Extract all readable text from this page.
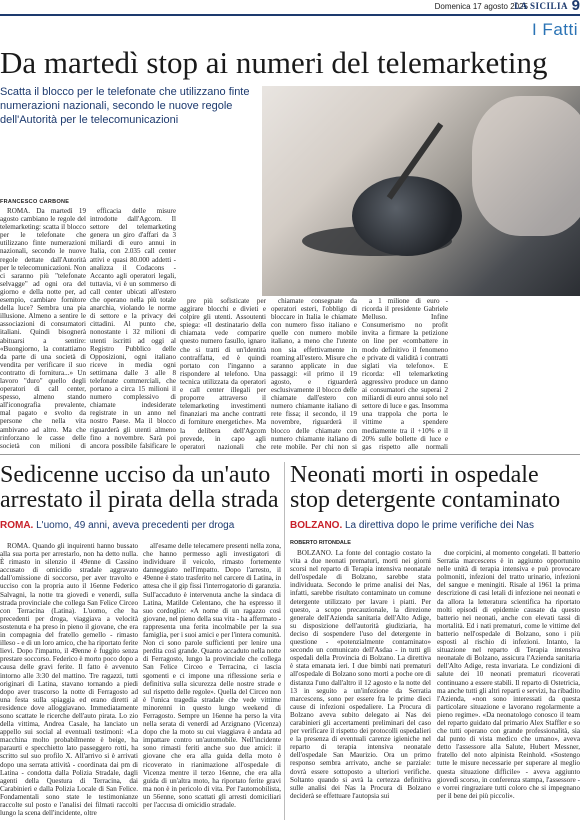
Domenica 17 agosto 2025
LA SICILIA 9
I Fatti
Da martedì stop ai numeri del telemarketing
Scatta il blocco per le telefonate che utilizzano finte numerazioni nazionali, secondo le nuove regole dell'Autorità per le telecomunicazioni
FRANCESCO CARBONE

ROMA. Da martedì 19 agosto cambiano le regole del telemarketing: scatta il blocco per le telefonate che utilizzano finte numerazioni nazionali, secondo le nuove regole dettate dall'Autorità per le telecomunicazioni. Non ci saranno più "telefonate selvagge" ad ogni ora del giorno e della notte per, ad esempio, cambiare fornitore della luce? Sembra una pia illusione. Almeno a sentire le associazioni di consumatori italiani. Quindi bisognerà abituarsi a sentire: «Buongiorno, la contattiamo da parte di una società di vendita per verificare il suo contratto di fornitura...» Un lavoro "duro" quello degli operatori di call center, spesso, almeno stando all'iconografia prevalente, mal pagato e svolto da persone che nella vita ambivano ad altro. Ma che rinforzano le casse delle società con milioni di

efficacia delle misure introdotte dall'Agcom. Il settore del telemarketing genera un giro d'affari da 3 miliardi di euro annui in Italia, con 2.035 call center attivi e quasi 80.000 addetti - analizza il Codacons - Accanto agli operatori legali, tuttavia, vi è un sommerso di call center ubicati all'estero che operano nella più totale anarchia, violando le norme di settore e la privacy dei cittadini. Al punto che, nonostante i 32 milioni di utenti iscritti ad oggi al Registro Pubblico delle Opposizioni, ogni italiano riceve in media ogni settimana dalle 3 alle 8 telefonate commerciali, che portano a circa 15 milioni il numero complessivo di chiamate indesiderate registrate in un anno nel nostro Paese. Ma il blocco riguarderà gli utenti almeno fino a novembre. Sarà poi ancora possibile falsificare le

pre più sofisticate per aggirare blocchi e divieti e colpire gli utenti. Assoutenti spiega: «Il destinatario della chiamata vede comparire questo numero fasullo, ignaro che si tratti di un'identità contraffatta, ed è quindi portato con l'inganno a rispondere al telefono. Una tecnica utilizzata da operatori e call center illegali per proporre attraverso il telemarketing investimenti finanziari ma anche contratti di forniture energetiche». Ma la delibera dell'Agcom prevede, in capo agli operatori nazionali che

chiamate consegnate da operatori esteri, l'obbligo di bloccare in Italia le chiamate con numero fisso italiano e quelle con numero mobile italiano, a meno che l'utente non sia effettivamente in roaming all'estero. Misure che saranno applicate in due passaggi: «il primo il 19 agosto, e riguarderà esclusivamente il blocco delle chiamate dall'estero con numero chiamante italiano di rete fissa; il secondo, il 19 novembre, riguarderà il blocco delle chiamate con numero chiamante italiano di rete mobile. Per chi non si

a 1 milione di euro - ricorda il presidente Gabriele Melluso. Infine Consumerismo no profit invita a firmare la petizione on line per «combattere in modo definitivo il fenomeno e private di validità i contratti siglati via telefono». E ricorda: «Il telemarketing aggressivo produce un danno ai consumatori che superai 2 miliardi di euro annui solo nel settore di luce e gas. Insomma una trappola che porta le vittime a spendere mediamente tra il +10% e il 20% sulle bollette di luce e gas rispetto alle normali

Sedicenne ucciso da un'auto
arrestato il pirata della strada
ROMA. L'uomo, 49 anni, aveva precedenti per droga
Neonati morti in ospedale
stop detergente contaminato
BOLZANO. La direttiva dopo le prime verifiche dei Nas
ROBERTO RITONDALE

ROMA. Quando gli inquirenti hanno bussato alla sua porta per arrestarlo, non ha detto nulla. È rimasto in silenzio il 49enne di Cassino accusato di omicidio stradale aggravato dall'omissione di soccorso, per aver travolto e ucciso con la propria auto il 16enne Federico Salvagni, la notte tra giovedì e venerdì, sulla strada provinciale che collega San Felice Circeo con Terracina (Latina). L'uomo, che ha precedenti per droga, viaggiava a velocità sostenuta e ha preso in pieno il giovane, che era in compagnia del fratello gemello - rimasto illeso - e di un loro amico, che ha riportato ferite lievi. Dopo l'impatto, il 49enne è fuggito senza prestare soccorso. Federico è morto poco dopo a causa delle gravi ferite. Il fatto è avvenuto intorno alle 3:30 del mattino. Tre ragazzi, tutti originari di Latina, stavano tornando a piedi dopo aver trascorso la notte di Ferragosto ad una festa sulla spiaggia ed erano diretti al residence dove alloggiavano. Immediatamente sono scattate le ricerche dell'auto pirata. Lo zio della vittima, Andrea Casale, ha lanciato un appello sui social al eventuali testimoni: «La macchina molto probabilmente è beige, ha paraurti e specchietto lato passeggero rotti, ha scritto sul suo profilo X. All'arrivo si è arrivati dopo una serrata attività - coordinata dai pm di Latina - condotta dalla Polizia Stradale, dagli agenti della Questura di Terracina, dai Carabinieri e dalla Polizia Locale di San Felice. Fondamentali sono state le testimonianze raccolte sul posto e l'analisi dei filmati raccolti lungo la scena dell'incidente, oltre

all'esame delle telecamere presenti nella zona, che hanno permesso agli investigatori di individuare il veicolo, rimasto fortemente danneggiato nell'impatto. Dopo l'arresto, il 49enne è stato trasferito nel carcere di Latina, in attesa che il gip fissi l'interrogatorio di garanzia. Sull'accaduto è intervenuta anche la sindaca di Latina, Matilde Celentano, che ha espresso il suo cordoglio: «A nome di un ragazzo così giovane, nel pieno della sua vita - ha affermato - rappresenta una ferita incolmabile per la sua famiglia, per i suoi amici e per l'intera comunità. Non ci sono parole sufficienti per lenire una perdita così grande. Quanto accaduto nella notte di Ferragosto, lungo la provinciale che collega San Felice Circeo e Terracina, ci lascia sgomenti e ci impone una riflessione seria e definitiva sulla sicurezza delle nostre strade e sul rispetto delle regole». Quella del Circeo non è l'unica tragedia stradale che vede vittime minorenni in questo lungo weekend di Ferragosto. Sempre un 16enne ha perso la vita nella serata di venerdì ad Arzignano (Vicenza) dopo che la moto su cui viaggiava è andata ad impattare contro un'automobile. Nell'incidente sono rimasti feriti anche suo due amici: il giovane che era alla guida della moto è ricoverato in rianimazione all'ospedale di Vicenza mentre il terzo 16enne, che era alla guida di un'altra moto, ha riportato ferite gravi ma non è in pericolo di vita. Per l'automobilista, un 56enne, sono scattati gli arresti domiciliari per l'accusa di omicidio stradale.

BOLZANO. La fonte del contagio costato la vita a due neonati prematuri, morti nei giorni scorsi nel reparto di Terapia intensiva neonatale dell'ospedale di Bolzano, sarebbe stata individuata. Secondo le prime analisi dei Nas, infatti, sarebbe risultato contaminato un comune detergente utilizzato per lavare i piatti. Per questo, a scopo precauzionale, la direzione generale dell'Azienda sanitaria dell'Alto Adige, su disposizione dell'autorità giudiziaria, ha deciso di sospendere l'uso del detergente in questione - «potenzialmente contaminato» secondo un comunicato dell'Asdaa - in tutti gli ospedali della Provincia di Bolzano. La direttiva è stata emanata ieri. I due bimbi nati prematuri all'ospedale di Bolzano sono morti a poche ore di distanza l'uno dall'altro il 12 agosto e la notte del 13 in seguito a un'infezione da Serratia marcescens, sono per essere fra le prime dieci cause di infezioni ospedaliere. La Procura di Bolzano aveva subito delegato ai Nas dei carabinieri gli accertamenti preliminari del caso per verificare il rispetto dei protocolli ospedalieri e la presenza di eventuali carenze igieniche nel reparto di terapia intensiva neonatale dell'ospedale San Maurizio. Ora un primo responso sembra arrivato, anche se parziale: dovrà essere sottoposto a ulteriori verifiche. Soltanto quando si avrà la certezza definitiva sulle analisi dei Nas la Procura di Bolzano deciderà se effettuare l'autopsia sui

due corpicini, al momento congelati. Il batterio Serratia marcescens è in aggiunto opportunito nelle unità di terapia intensiva e può provocare polmoniti, infezioni del tratto urinario, infezioni del sangue e meningiti. Risale al 1961 la prima descrizione di casi letali di infezione nei neonati e da allora la letteratura scientifica ha riportato molti episodi di epidemie causate da questo batterio nei neonati, anche con elevati tassi di mortalità. Ed i nati prematuri, come le vittime del batterio nell'ospedale di Bolzano, sono i più esposti al rischio di infezioni. Intanto, la situazione nel reparto di Terapia intensiva neonatale di Bolzano, assicura l'Azienda sanitaria dell'Alto Adige, resta invariata. Le condizioni di salute dei 10 neonati prematuri ricoverati continuano a essere stabili. Il reparto di Ostetricia, ma anche tutti gli altri reparti e servizi, ha ribadito l'Azienda, «non sono interessati da questa particolare situazione e lavorano regolarmente a pieno regime». «Da neonatologo conosco il team del reparto guidato dal primario Alex Staffler e so che tutti operano con grande professionalità, sia dal punto di vista medico che umano», aveva detto l'assessore alla Salute, Hubert Messner, fratello del noto alpinista Reinhold. «Sostengo tutte le misure necessarie per superare al meglio questa situazione difficile» - aveva aggiunto giovedì scorso, in conferenza stampa, l'assessore - e vorrei ringraziare tutti coloro che si impegnano per il bene dei più piccoli».
